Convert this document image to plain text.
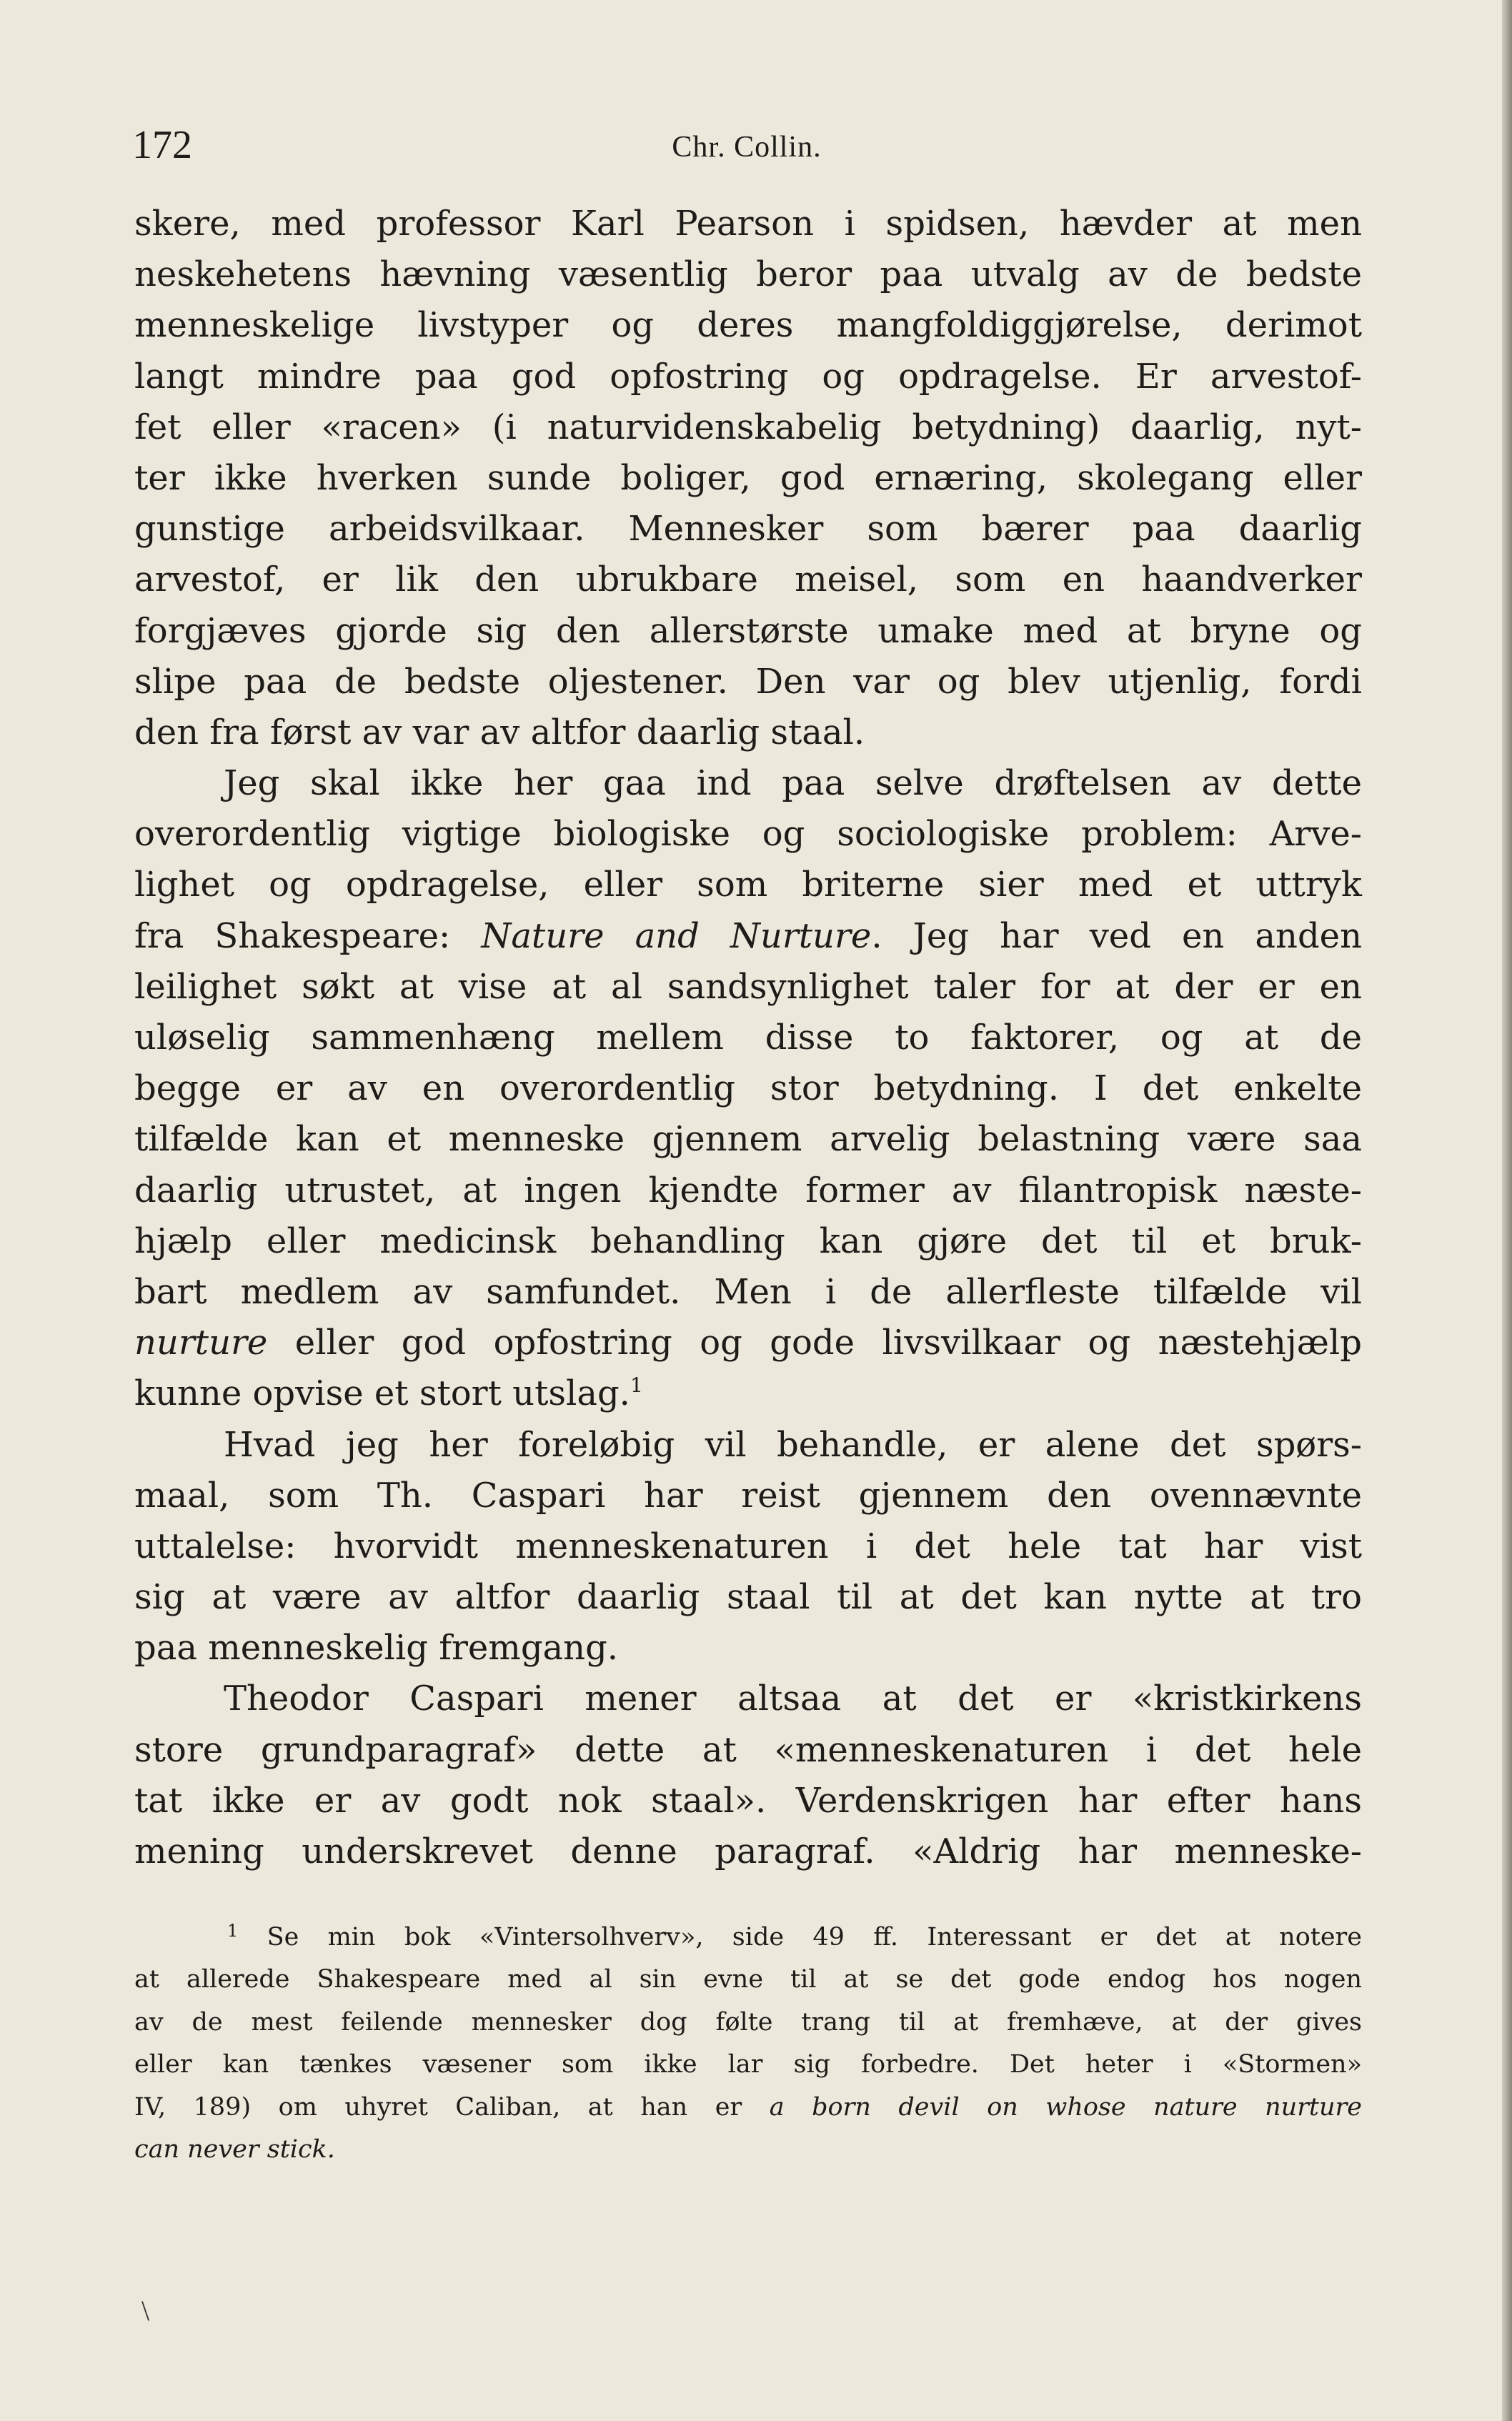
172	Chr. Collin.
skere, med professor Karl Pearson i spidsen, hævder at men
neskehetens hævning væsentlig beror paa utvalg av de bedste
menneskelige livstyper og deres mangfoldiggjørelse, derimot
langt mindre paa god opfostring og opdragelse. Er arvestof-
fet eller «racen» (i naturvidenskabelig betydning) daarlig, nyt-
ter ikke hverken sunde boliger, god ernæring, skolegang eller
gunstige arbeidsvilkaar. Mennesker som bærer paa daarlig
arvestof, er lik den ubrukbare meisel, som en haandverker
forgjæves gjorde sig den allerstørste umake med at bryne og
slipe paa de bedste oljestener. Den var og blev utjenlig, fordi
den fra først av var av altfor daarlig staal.
Jeg skal ikke her gaa ind paa selve drøftelsen av dette
overordentlig vigtige biologiske og sociologiske problem: Arve-
lighet og opdragelse, eller som briterne sier med et uttryk
fra Shakespeare: Nature and Nurture. Jeg har ved en anden
leilighet søkt at vise at al sandsynlighet taler for at der er en
uløselig sammenhæng mellem disse to faktorer, og at de
begge er av en overordentlig stor betydning. I det enkelte
tilfælde kan et menneske gjennem arvelig belastning være saa
daarlig utrustet, at ingen kjendte former av filantropisk næste-
hjælp eller medicinsk behandling kan gjøre det til et bruk-
bart medlem av samfundet. Men i de allerfleste tilfælde vil
nurture eller god opfostring og gode livsvilkaar og næstehjælp
kunne opvise et stort utslag.$^1$
Hvad jeg her foreløbig vil behandle, er alene det spørs-
maal, som Th. Caspari har reist gjennem den ovennævnte
uttalelse: hvorvidt menneskenaturen i det hele tat har vist
sig at være av altfor daarlig staal til at det kan nytte at tro
paa menneskelig fremgang.
Theodor Caspari mener altsaa at det er «kristkirkens
store grundparagraf» dette at «menneskenaturen i det hele
tat ikke er av godt nok staal». Verdenskrigen har efter hans
mening underskrevet denne paragraf. «Aldrig har menneske-
$^1$ Se min bok «Vintersolhverv», side 49 ff. Interessant er det at notere
at allerede Shakespeare med al sin evne til at se det gode endog hos nogen
av de mest feilende mennesker dog følte trang til at fremhæve, at der gives
eller kan tænkes væsener som ikke lar sig forbedre. Det heter i «Stormen»
IV, 189) om uhyret Caliban, at han er a born devil on whose nature nurture
can never stick.
\
